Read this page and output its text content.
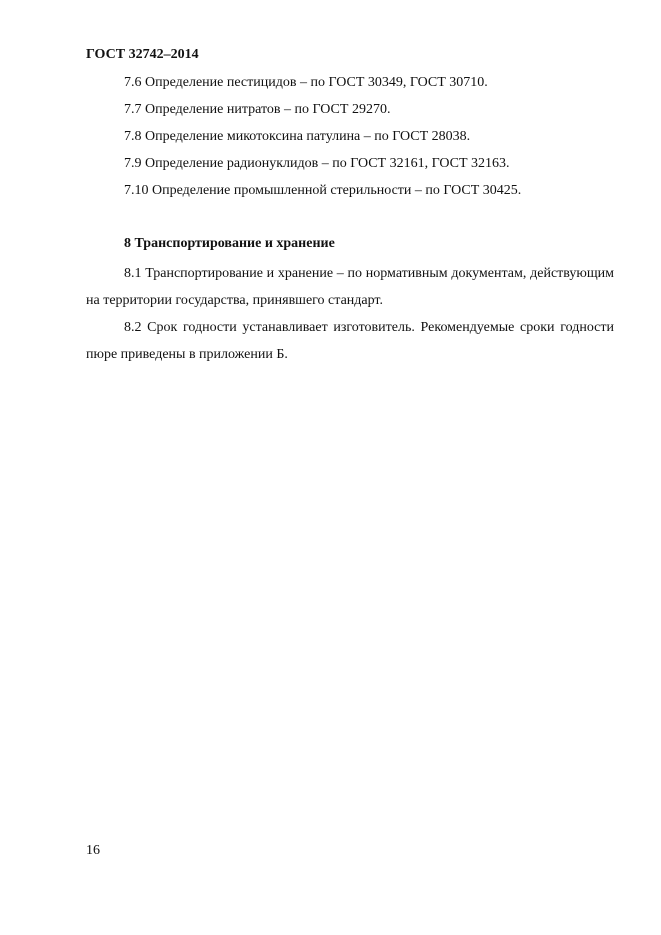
ГОСТ 32742–2014
7.6 Определение пестицидов – по ГОСТ 30349, ГОСТ 30710.
7.7 Определение нитратов – по ГОСТ 29270.
7.8 Определение микотоксина патулина – по ГОСТ 28038.
7.9 Определение радионуклидов – по ГОСТ 32161, ГОСТ 32163.
7.10 Определение промышленной стерильности – по ГОСТ 30425.
8 Транспортирование и хранение
8.1 Транспортирование и хранение – по нормативным документам, действующим на территории государства, принявшего стандарт.
8.2 Срок годности устанавливает изготовитель. Рекомендуемые сроки годности пюре приведены в приложении Б.
16
